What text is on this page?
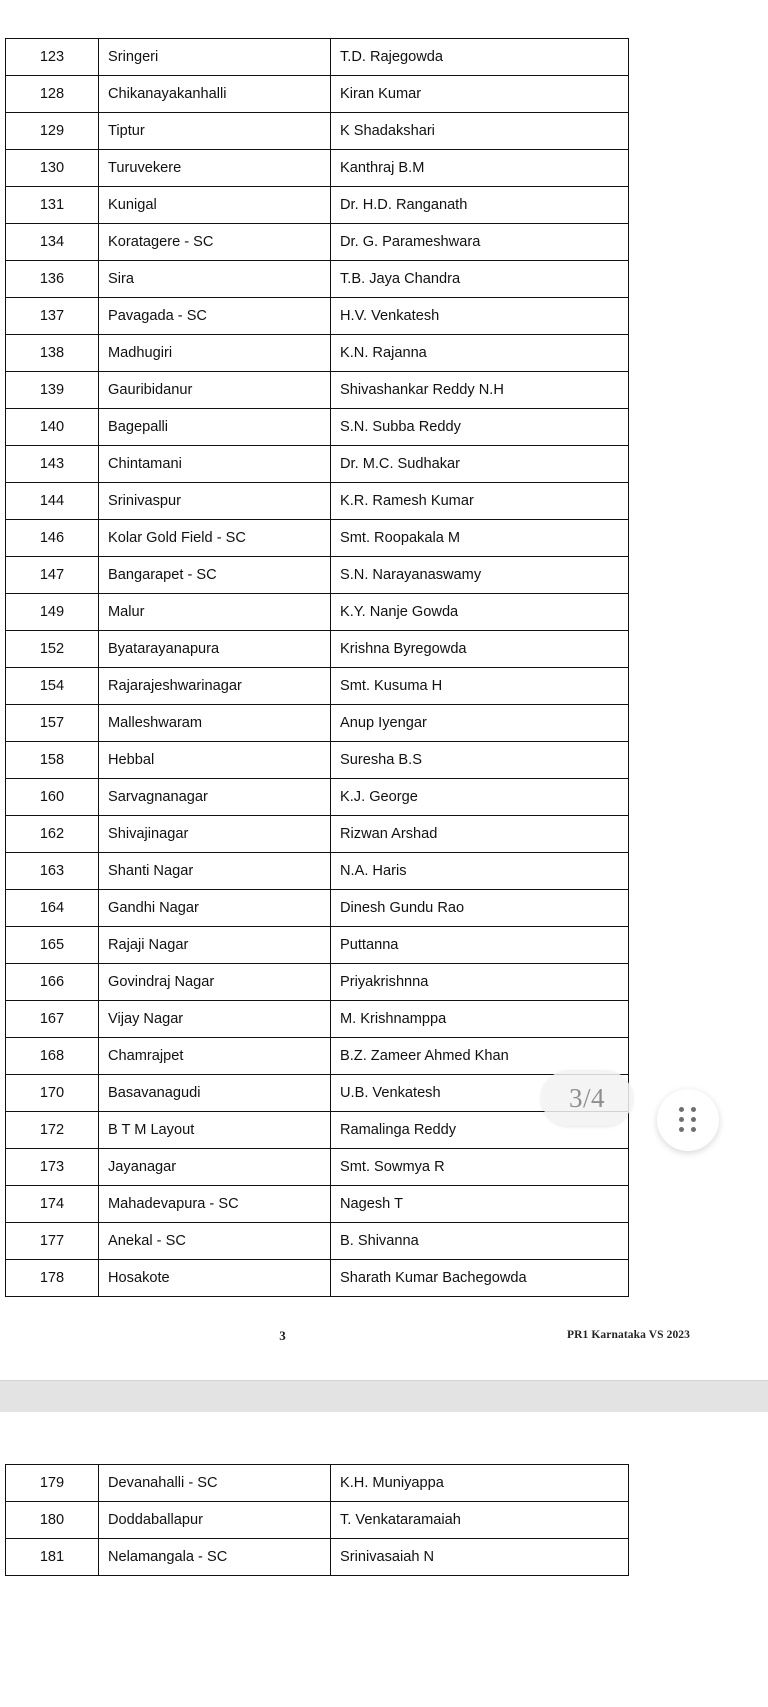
123	Sringeri	T.D. Rajegowda
128	Chikanayakanhalli	Kiran Kumar
129	Tiptur	K Shadakshari
130	Turuvekere	Kanthraj B.M
131	Kunigal	Dr. H.D. Ranganath
134	Koratagere - SC	Dr. G. Parameshwara
136	Sira	T.B. Jaya Chandra
137	Pavagada - SC	H.V. Venkatesh
138	Madhugiri	K.N. Rajanna
139	Gauribidanur	Shivashankar Reddy N.H
140	Bagepalli	S.N. Subba Reddy
143	Chintamani	Dr. M.C. Sudhakar
144	Srinivaspur	K.R. Ramesh Kumar
146	Kolar Gold Field - SC	Smt. Roopakala M
147	Bangarapet - SC	S.N. Narayanaswamy
149	Malur	K.Y. Nanje Gowda
152	Byatarayanapura	Krishna Byregowda
154	Rajarajeshwarinagar	Smt. Kusuma H
157	Malleshwaram	Anup Iyengar
158	Hebbal	Suresha B.S
160	Sarvagnanagar	K.J. George
162	Shivajinagar	Rizwan Arshad
163	Shanti Nagar	N.A. Haris
164	Gandhi Nagar	Dinesh Gundu Rao
165	Rajaji Nagar	Puttanna
166	Govindraj Nagar	Priyakrishnna
167	Vijay Nagar	M. Krishnamppa
168	Chamrajpet	B.Z. Zameer Ahmed Khan
170	Basavanagudi	U.B. Venkatesh
172	B T M Layout	Ramalinga Reddy
173	Jayanagar	Smt. Sowmya R
174	Mahadevapura - SC	Nagesh T
177	Anekal - SC	B. Shivanna
178	Hosakote	Sharath Kumar Bachegowda
3	PR1 Karnataka VS 2023
179	Devanahalli - SC	K.H. Muniyappa
180	Doddaballapur	T. Venkataramaiah
181	Nelamangala - SC	Srinivasaiah N
3/4
